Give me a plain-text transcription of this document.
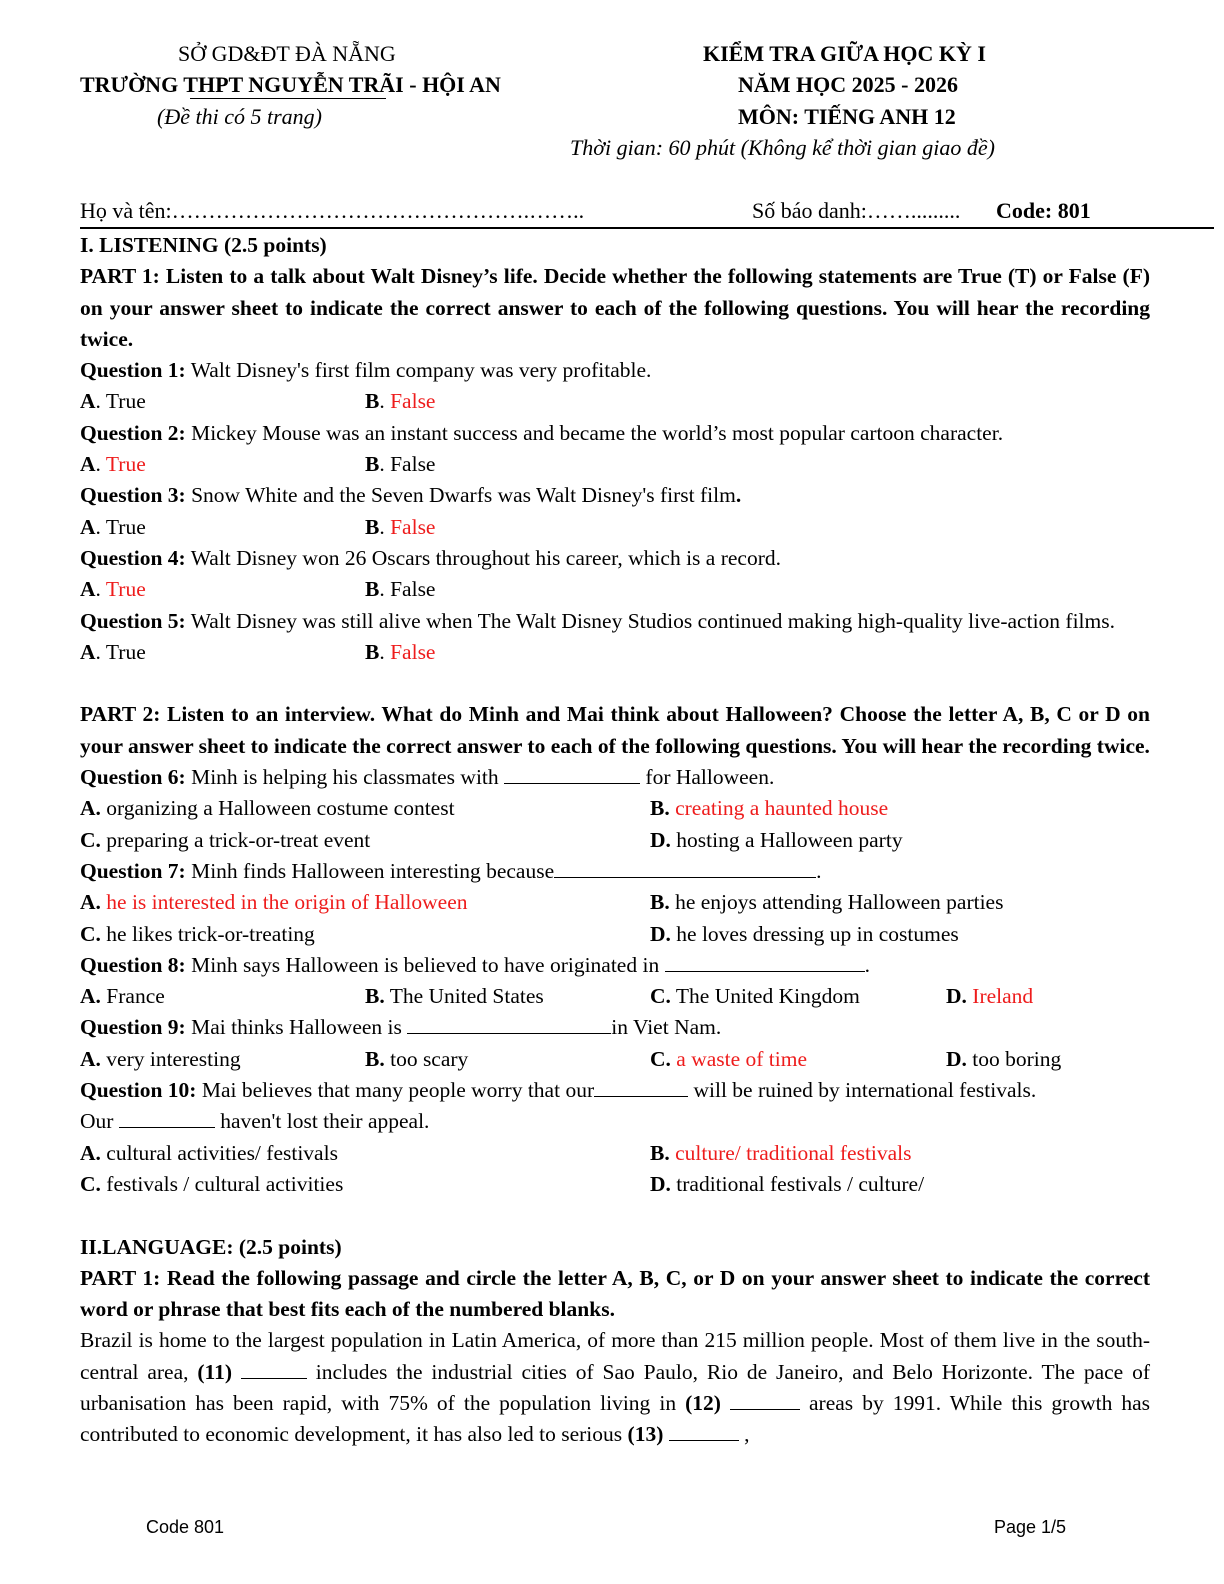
SỞ GD&ĐT ĐÀ NẴNG
TRƯỜNG THPT NGUYỄN TRÃI - HỘI AN
(Đề thi có 5 trang)
KIỂM TRA GIỮA HỌC KỲ I
NĂM HỌC 2025 - 2026
MÔN: TIẾNG ANH 12
Thời gian: 60 phút (Không kể thời gian giao đề)
Họ và tên:………………………………………….……..	Số báo danh:……......... Code: 801

I. LISTENING (2.5 points)

PART 1: Listen to a talk about Walt Disney’s life. Decide whether the following statements are True (T) or False (F) on your answer sheet to indicate the correct answer to each of the following questions. You will hear the recording twice.

Question 1: Walt Disney's first film company was very profitable.

A. True	B. False

Question 2: Mickey Mouse was an instant success and became the world’s most popular cartoon character.

A. True	B. False

Question 3: Snow White and the Seven Dwarfs was Walt Disney's first film.

A. True	B. False

Question 4: Walt Disney won 26 Oscars throughout his career, which is a record.

A. True	B. False

Question 5: Walt Disney was still alive when The Walt Disney Studios continued making high-quality live-action films.

A. True	B. False

PART 2: Listen to an interview. What do Minh and Mai think about Halloween? Choose the letter A, B, C or D on your answer sheet to indicate the correct answer to each of the following questions. You will hear the recording twice.

Question 6: Minh is helping his classmates with	for Halloween.

A. organizing a Halloween costume contest	B. creating a haunted house
C. preparing a trick-or-treat event	D. hosting a Halloween party

Question 7: Minh finds Halloween interesting because	.

A. he is interested in the origin of Halloween	B. he enjoys attending Halloween parties
C. he likes trick-or-treating	D. he loves dressing up in costumes

Question 8: Minh says Halloween is believed to have originated in	.

A. France	B. The United States	C. The United Kingdom	D. Ireland

Question 9: Mai thinks Halloween is	in Viet Nam.

A. very interesting	B. too scary	C. a waste of time	D. too boring

Question 10: Mai believes that many people worry that our	will be ruined by international festivals.

Our	haven't lost their appeal.

A. cultural activities/ festivals	B. culture/ traditional festivals
C. festivals / cultural activities	D. traditional festivals / culture/

II.LANGUAGE: (2.5 points)

PART 1: Read the following passage and circle the letter A, B, C, or D on your answer sheet to indicate the correct word or phrase that best fits each of the numbered blanks.

Brazil is home to the largest population in Latin America, of more than 215 million people. Most of them live in the south-central area, (11)	includes the industrial cities of Sao Paulo, Rio de Janeiro, and Belo Horizonte. The pace of urbanisation has been rapid, with 75% of the population living in (12)	areas by 1991. While this growth has contributed to economic development, it has also led to serious (13)	,

Code 801	Page 1/5
